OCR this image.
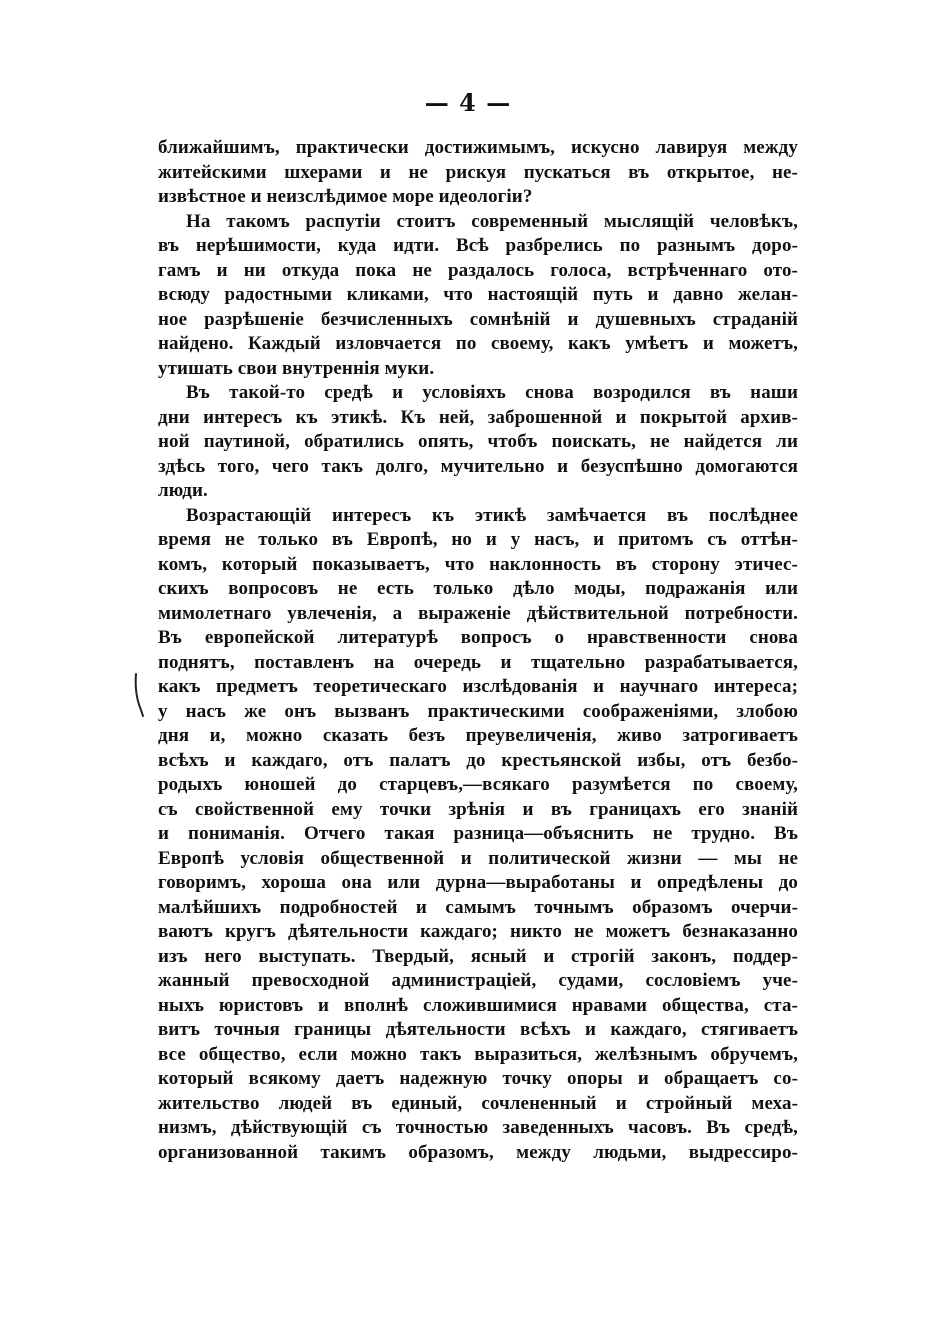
— 4 —
ближайшимъ, практически достижимымъ, искусно лавируя между
житейскими шхерами и не рискуя пускаться въ открытое, не-
извѣстное и неизслѣдимое море идеологіи?
На такомъ распутіи стоитъ современный мыслящій человѣкъ,
въ нерѣшимости, куда идти. Всѣ разбрелись по разнымъ доро-
гамъ и ни откуда пока не раздалось голоса, встрѣченнаго ото-
всюду радостными кликами, что настоящій путь и давно желан-
ное разрѣшеніе безчисленныхъ сомнѣній и душевныхъ страданій
найдено. Каждый изловчается по своему, какъ умѣетъ и можетъ,
утишать свои внутреннія муки.
Въ такой-то средѣ и условіяхъ снова возродился въ наши
дни интересъ къ этикѣ. Къ ней, заброшенной и покрытой архив-
ной паутиной, обратились опять, чтобъ поискать, не найдется ли
здѣсь того, чего такъ долго, мучительно и безуспѣшно домогаются
люди.
Возрастающій интересъ къ этикѣ замѣчается въ послѣднее
время не только въ Европѣ, но и у насъ, и притомъ съ оттѣн-
комъ, который показываетъ, что наклонность въ сторону этичес-
скихъ вопросовъ не есть только дѣло моды, подражанія или
мимолетнаго увлеченія, а выраженіе дѣйствительной потребности.
Въ европейской литературѣ вопросъ о нравственности снова
поднятъ, поставленъ на очередь и тщательно разрабатывается,
какъ предметъ теоретическаго изслѣдованія и научнаго интереса;
у насъ же онъ вызванъ практическими соображеніями, злобою
дня и, можно сказать безъ преувеличенія, живо затрогиваетъ
всѣхъ и каждаго, отъ палатъ до крестьянской избы, отъ безбо-
родыхъ юношей до старцевъ,—всякаго разумѣется по своему,
съ свойственной ему точки зрѣнія и въ границахъ его знаній
и пониманія. Отчего такая разница—объяснить не трудно. Въ
Европѣ условія общественной и политической жизни — мы не
говоримъ, хороша она или дурна—выработаны и опредѣлены до
малѣйшихъ подробностей и самымъ точнымъ образомъ очерчи-
ваютъ кругъ дѣятельности каждаго; никто не можетъ безнаказанно
изъ него выступать. Твердый, ясный и строгій законъ, поддер-
жанный превосходной администраціей, судами, сословіемъ уче-
ныхъ юристовъ и вполнѣ сложившимися нравами общества, ста-
витъ точныя границы дѣятельности всѣхъ и каждаго, стягиваетъ
все общество, если можно такъ выразиться, желѣзнымъ обручемъ,
который всякому даетъ надежную точку опоры и обращаетъ со-
жительство людей въ единый, сочлененный и стройный меха-
низмъ, дѣйствующій съ точностью заведенныхъ часовъ. Въ средѣ,
организованной такимъ образомъ, между людьми, выдрессиро-
